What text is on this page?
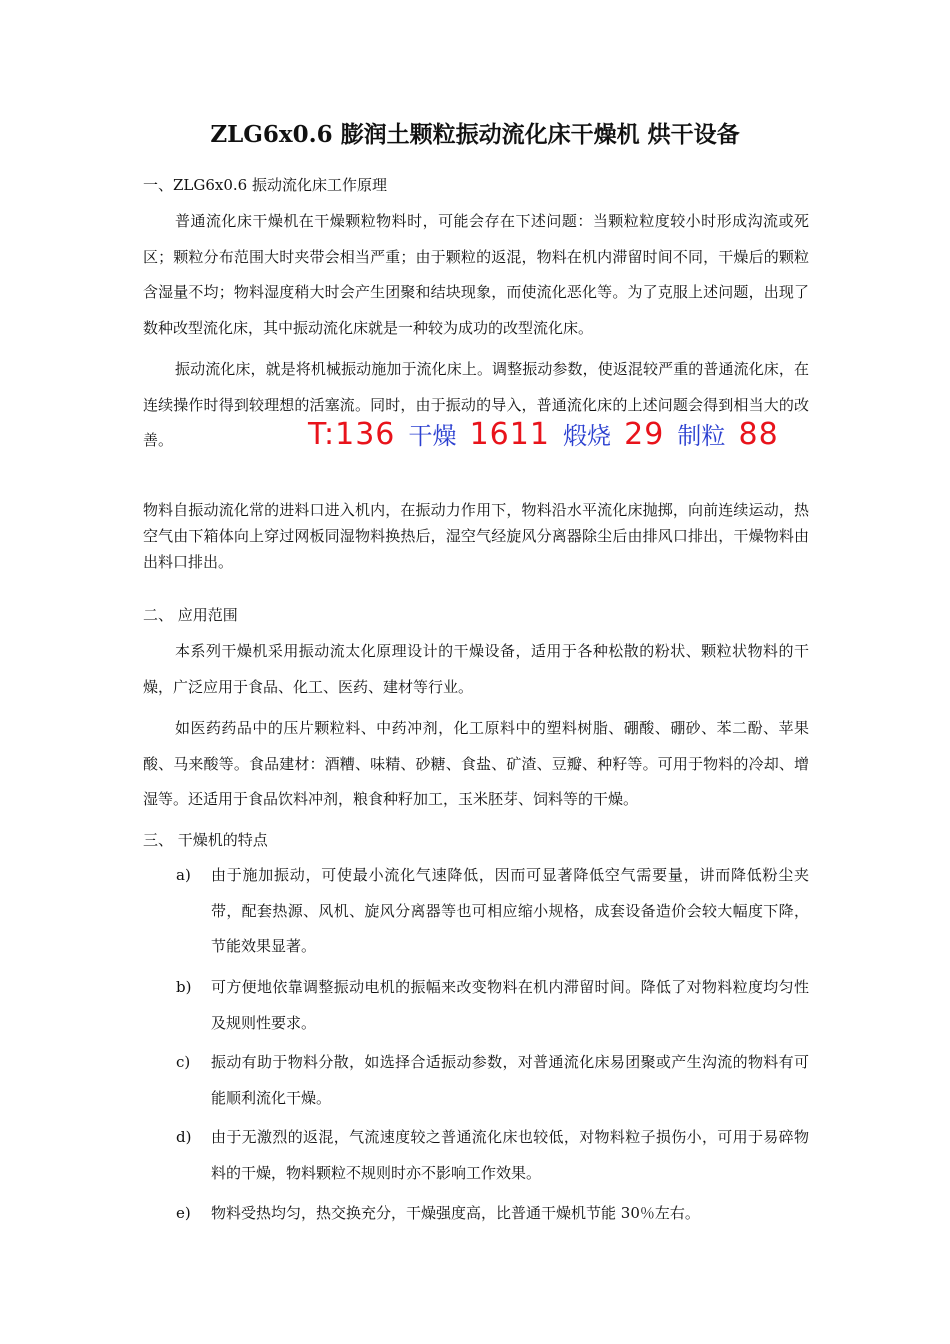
ZLG6x0.6 膨润土颗粒振动流化床干燥机 烘干设备
一、ZLG6x0.6 振动流化床工作原理

普通流化床干燥机在干燥颗粒物料时，可能会存在下述问题：当颗粒粒度较小时形成沟流或死区；颗粒分布范围大时夹带会相当严重；由于颗粒的返混，物料在机内滞留时间不同，干燥后的颗粒含湿量不均；物料湿度稍大时会产生团聚和结块现象，而使流化恶化等。为了克服上述问题，出现了数种改型流化床，其中振动流化床就是一种较为成功的改型流化床。

振动流化床，就是将机械振动施加于流化床上。调整振动参数，使返混较严重的普通流化床，在连续操作时得到较理想的活塞流。同时，由于振动的导入，普通流化床的上述问题会得到相当大的改善。	T:136 干燥 1611 煅烧 29 制粒 88

物料自振动流化常的进料口进入机内，在振动力作用下，物料沿水平流化床抛掷，向前连续运动，热空气由下箱体向上穿过网板同湿物料换热后，湿空气经旋风分离器除尘后由排风口排出，干燥物料由出料口排出。

二、 应用范围

本系列干燥机采用振动流太化原理设计的干燥设备，适用于各种松散的粉状、颗粒状物料的干燥，广泛应用于食品、化工、医药、建材等行业。

如医药药品中的压片颗粒料、中药冲剂，化工原料中的塑料树脂、硼酸、硼砂、苯二酚、苹果酸、马来酸等。食品建材：酒糟、味精、砂糖、食盐、矿渣、豆瓣、种籽等。可用于物料的冷却、增湿等。还适用于食品饮料冲剂，粮食种籽加工，玉米胚芽、饲料等的干燥。

三、 干燥机的特点
a) 由于施加振动，可使最小流化气速降低，因而可显著降低空气需要量，讲而降低粉尘夹带，配套热源、风机、旋风分离器等也可相应缩小规格，成套设备造价会较大幅度下降，节能效果显著。

b) 可方便地依靠调整振动电机的振幅来改变物料在机内滞留时间。降低了对物料粒度均匀性及规则性要求。

c) 振动有助于物料分散，如选择合适振动参数，对普通流化床易团聚或产生沟流的物料有可能顺利流化干燥。

d) 由于无激烈的返混，气流速度较之普通流化床也较低，对物料粒子损伤小，可用于易碎物料的干燥，物料颗粒不规则时亦不影响工作效果。

e) 物料受热均匀，热交换充分，干燥强度高，比普通干燥机节能 30％左右。
